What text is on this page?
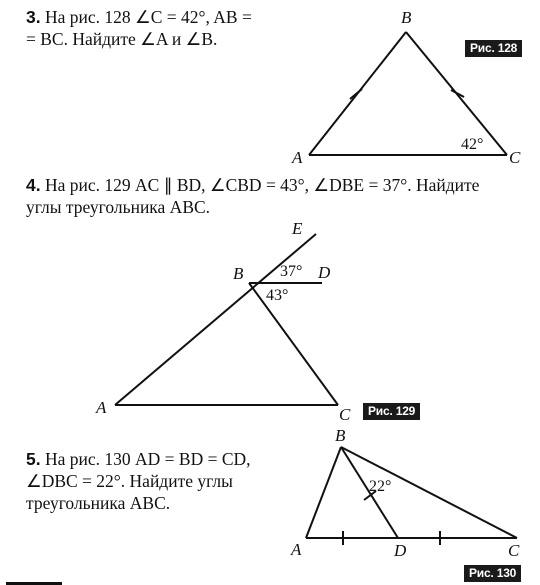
3. На рис. 128 ∠C = 42°, AB =
= BC. Найдите ∠A и ∠B.	Рис. 128
B
A	C
42°
4. На рис. 129 AC ∥ BD, ∠CBD = 43°, ∠DBE = 37°. Найдите
углы треугольника ABC.
Рис. 129
E
B	D
A	C
37°
43°
5. На рис. 130 AD = BD = CD,
∠DBC = 22°. Найдите углы
треугольника ABC.
Рис. 130
B
A	D	C
22°
